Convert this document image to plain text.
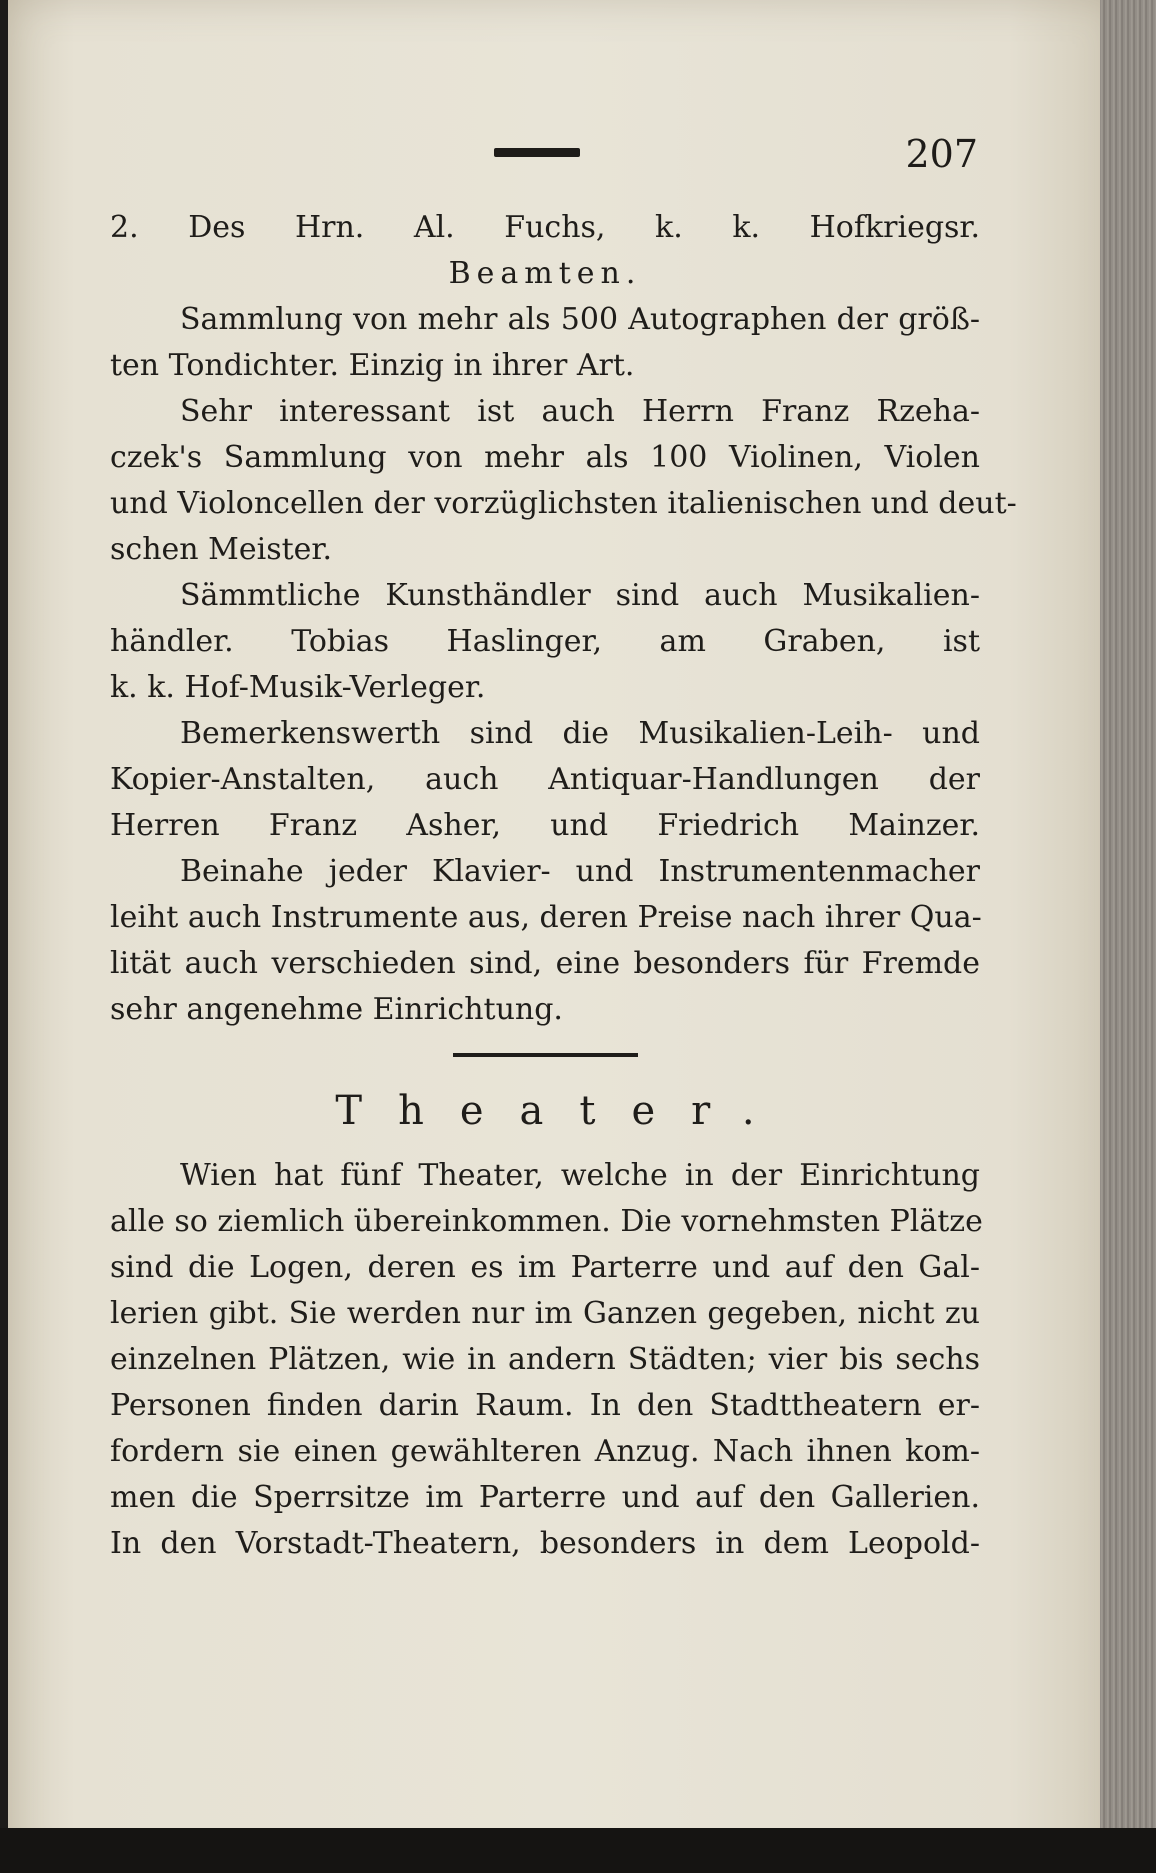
207
2. Des Hrn. Al. Fuchs, k. k. Hofkriegsr.
Beamten.
Sammlung von mehr als 500 Autographen der größ-
ten Tondichter. Einzig in ihrer Art.
Sehr interessant ist auch Herrn Franz Rzeha-
czek's Sammlung von mehr als 100 Violinen, Violen
und Violoncellen der vorzüglichsten italienischen und deut-
schen Meister.
Sämmtliche Kunsthändler sind auch Musikalien-
händler. Tobias Haslinger, am Graben, ist
k. k. Hof-Musik-Verleger.
Bemerkenswerth sind die Musikalien-Leih- und
Kopier-Anstalten, auch Antiquar-Handlungen der
Herren Franz Asher, und Friedrich Mainzer.
Beinahe jeder Klavier- und Instrumentenmacher
leiht auch Instrumente aus, deren Preise nach ihrer Qua-
lität auch verschieden sind, eine besonders für Fremde
sehr angenehme Einrichtung.
Theater.
Wien hat fünf Theater, welche in der Einrichtung
alle so ziemlich übereinkommen. Die vornehmsten Plätze
sind die Logen, deren es im Parterre und auf den Gal-
lerien gibt. Sie werden nur im Ganzen gegeben, nicht zu
einzelnen Plätzen, wie in andern Städten; vier bis sechs
Personen finden darin Raum. In den Stadttheatern er-
fordern sie einen gewählteren Anzug. Nach ihnen kom-
men die Sperrsitze im Parterre und auf den Gallerien.
In den Vorstadt-Theatern, besonders in dem Leopold-
